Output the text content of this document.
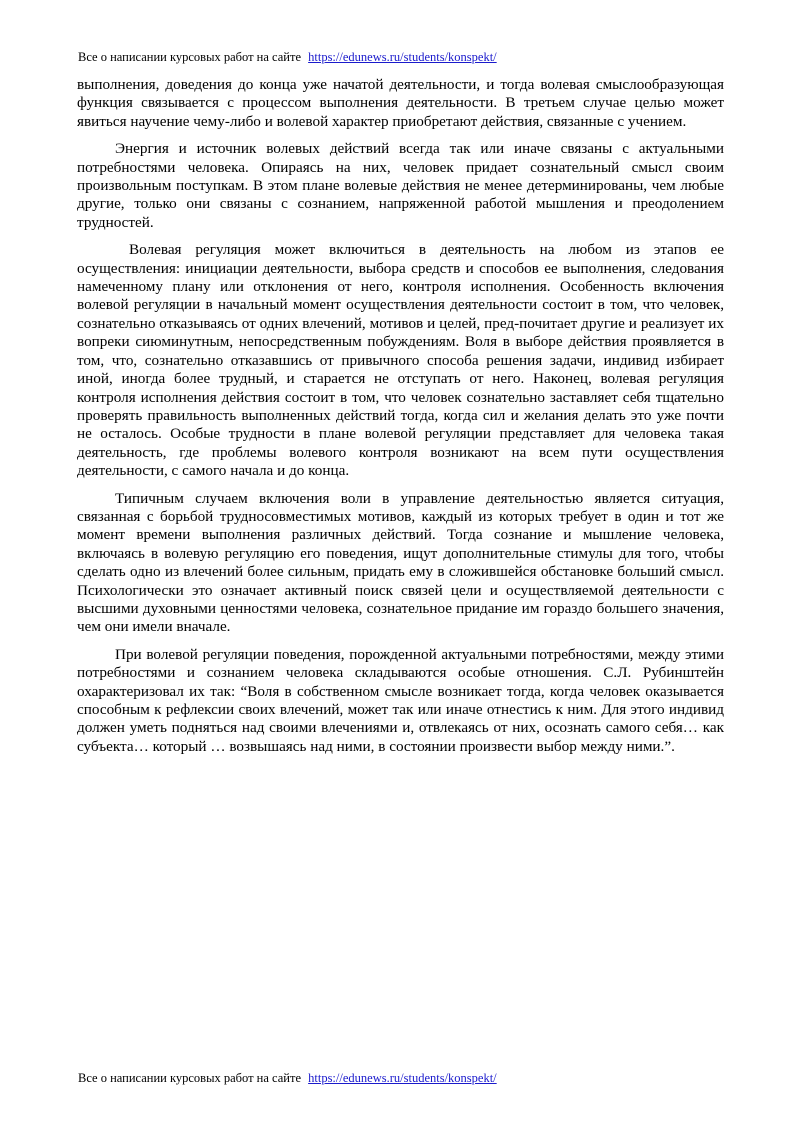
Все о написании курсовых работ на сайте https://edunews.ru/students/konspekt/

выполнения, доведения до конца уже начатой деятельности, и тогда волевая смыслообразующая функция связывается с процессом выполнения деятельности. В третьем случае целью может явиться научение чему-либо и волевой характер приобретают действия, связанные с учением.

Энергия и источник волевых действий всегда так или иначе связаны с актуальными потребностями человека. Опираясь на них, человек придает сознательный смысл своим произвольным поступкам. В этом плане волевые действия не менее детерминированы, чем любые другие, только они связаны с сознанием, напряженной работой мышления и преодолением трудностей.

Волевая регуляция может включиться в деятельность на любом из этапов ее осуществления: инициации деятельности, выбора средств и способов ее выполнения, следования намеченному плану или отклонения от него, контроля исполнения. Особенность включения волевой регуляции в начальный момент осуществления деятельности состоит в том, что человек, сознательно отказываясь от одних влечений, мотивов и целей, пред-почитает другие и реализует их вопреки сиюминутным, непосредственным побуждениям. Воля в выборе действия проявляется в том, что, сознательно отказавшись от привычного способа решения задачи, индивид избирает иной, иногда более трудный, и старается не отступать от него. Наконец, волевая регуляция контроля исполнения действия состоит в том, что человек сознательно заставляет себя тщательно проверять правильность выполненных действий тогда, когда сил и желания делать это уже почти не осталось. Особые трудности в плане волевой регуляции представляет для человека такая деятельность, где проблемы волевого контроля возникают на всем пути осуществления деятельности, с самого начала и до конца.

Типичным случаем включения воли в управление деятельностью является ситуация, связанная с борьбой трудносовместимых мотивов, каждый из которых требует в один и тот же момент времени выполнения различных действий. Тогда сознание и мышление человека, включаясь в волевую регуляцию его поведения, ищут дополнительные стимулы для того, чтобы сделать одно из влечений более сильным, придать ему в сложившейся обстановке больший смысл. Психологически это означает активный поиск связей цели и осуществляемой деятельности с высшими духовными ценностями человека, сознательное придание им гораздо большего значения, чем они имели вначале.

При волевой регуляции поведения, порожденной актуальными потребностями, между этими потребностями и сознанием человека складываются особые отношения. С.Л. Рубинштейн охарактеризовал их так: “Воля в собственном смысле возникает тогда, когда человек оказывается способным к рефлексии своих влечений, может так или иначе отнестись к ним. Для этого индивид должен уметь подняться над своими влечениями и, отвлекаясь от них, осознать самого себя… как субъекта… который … возвышаясь над ними, в состоянии произвести выбор между ними.”.

Все о написании курсовых работ на сайте https://edunews.ru/students/konspekt/
